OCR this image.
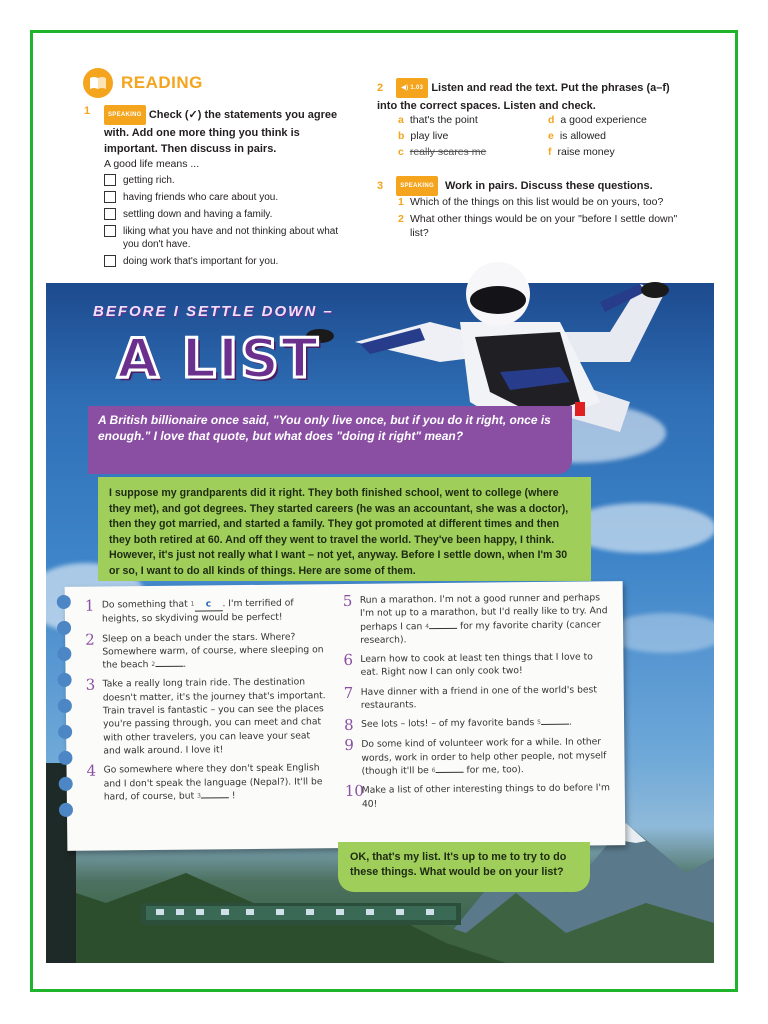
READING
1	SPEAKING Check (✓) the statements you agree with. Add one more thing you think is important. Then discuss in pairs.
A good life means ...
getting rich.
having friends who care about you.
settling down and having a family.
liking what you have and not thinking about what you don't have.
doing work that's important for you.
2	◀) 1.03 Listen and read the text. Put the phrases (a–f) into the correct spaces. Listen and check.
a that's the point	d a good experience
b play live	e is allowed
c really scares me	f raise money
3	SPEAKING Work in pairs. Discuss these questions.
1 Which of the things on this list would be on yours, too?
2 What other things would be on your "before I settle down" list?
BEFORE I SETTLE DOWN –
A LIST

A British billionaire once said, "You only live once, but if you do it right, once is enough." I love that quote, but what does "doing it right" mean?

I suppose my grandparents did it right. They both finished school, went to college (where they met), and got degrees. They started careers (he was an accountant, she was a doctor), then they got married, and started a family. They got promoted at different times and then they both retired at 60. And off they went to travel the world. They've been happy, I think. However, it's just not really what I want – not yet, anyway. Before I settle down, when I'm 30 or so, I want to do all kinds of things. Here are some of them.

1 Do something that $^1$ c . I'm terrified of heights, so skydiving would be perfect!
2 Sleep on a beach under the stars. Where? Somewhere warm, of course, where sleeping on the beach $^2$	.
3 Take a really long train ride. The destination doesn't matter, it's the journey that's important. Train travel is fantastic – you can see the places you're passing through, you can meet and chat with other travelers, you can leave your seat and walk around. I love it!
4 Go somewhere where they don't speak English and I don't speak the language (Nepal?). It'll be hard, of course, but $^3$	!
5 Run a marathon. I'm not a good runner and perhaps I'm not up to a marathon, but I'd really like to try. And perhaps I can $^4$	for my favorite charity (cancer research).
6 Learn how to cook at least ten things that I love to eat. Right now I can only cook two!
7 Have dinner with a friend in one of the world's best restaurants.
8 See lots – lots! – of my favorite bands $^5$	.
9 Do some kind of volunteer work for a while. In other words, work in order to help other people, not myself (though it'll be $^6$	for me, too).
10
Make a list of other interesting things to do before I'm 40!

OK, that's my list. It's up to me to try to do these things. What would be on your list?
